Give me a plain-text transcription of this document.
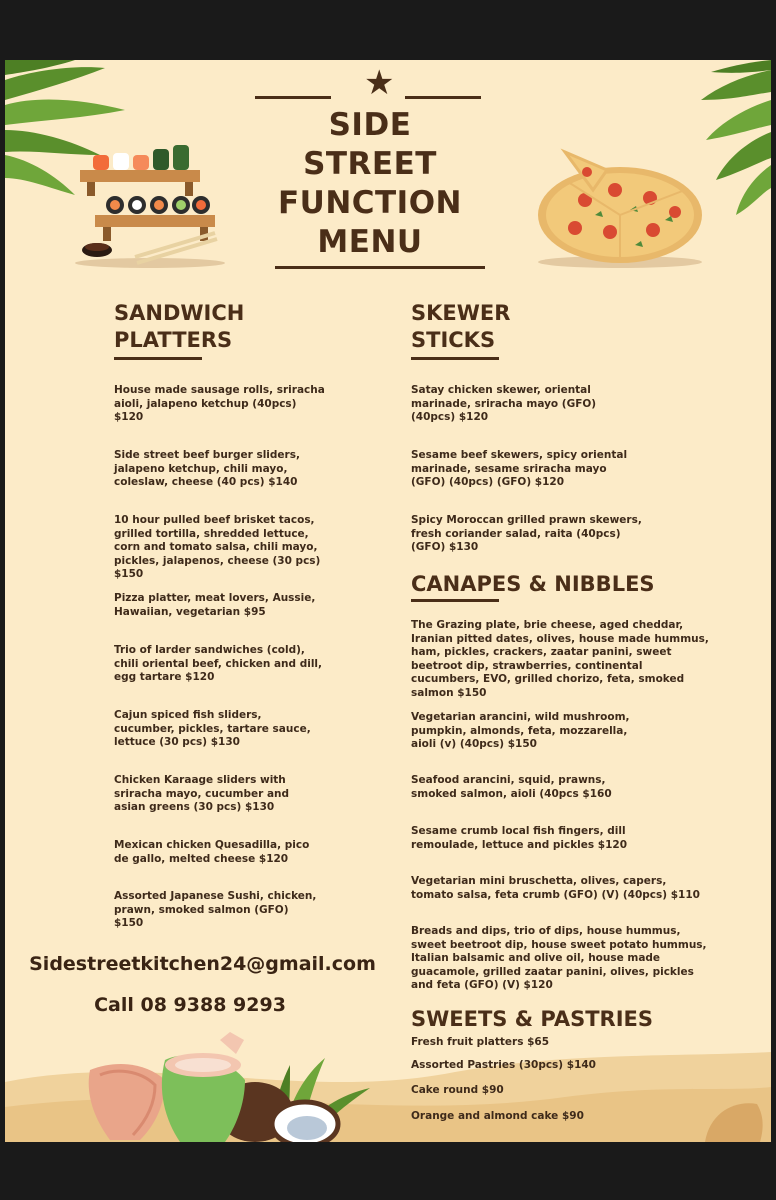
★
SIDE
STREET
FUNCTION
MENU
SANDWICH
PLATTERS
House made sausage rolls, sriracha aioli, jalapeno ketchup (40pcs) $120
Side street beef burger sliders, jalapeno ketchup, chili mayo, coleslaw, cheese (40 pcs) $140
10 hour pulled beef brisket tacos, grilled tortilla, shredded lettuce, corn and tomato salsa, chili mayo, pickles, jalapenos, cheese (30 pcs) $150
Pizza platter, meat lovers, Aussie, Hawaiian, vegetarian $95
Trio of larder sandwiches (cold), chili oriental beef, chicken and dill, egg tartare $120
Cajun spiced fish sliders, cucumber, pickles, tartare sauce, lettuce (30 pcs) $130
Chicken Karaage sliders with sriracha mayo, cucumber and asian greens (30 pcs) $130
Mexican chicken Quesadilla, pico de gallo, melted cheese $120
Assorted Japanese Sushi, chicken, prawn, smoked salmon (GFO) $150
Sidestreetkitchen24@gmail.com
Call 08 9388 9293
SKEWER
STICKS
Satay chicken skewer, oriental marinade, sriracha mayo (GFO) (40pcs) $120
Sesame beef skewers, spicy oriental marinade, sesame sriracha mayo (GFO) (40pcs) (GFO) $120
Spicy Moroccan grilled prawn skewers, fresh coriander salad, raita (40pcs) (GFO) $130
CANAPES & NIBBLES
The Grazing plate, brie cheese, aged cheddar, Iranian pitted dates, olives, house made hummus, ham, pickles, crackers, zaatar panini, sweet beetroot dip, strawberries, continental cucumbers, EVO, grilled chorizo, feta, smoked salmon $150
Vegetarian arancini, wild mushroom, pumpkin, almonds, feta, mozzarella, aioli (v) (40pcs) $150
Seafood arancini, squid, prawns, smoked salmon, aioli (40pcs $160
Sesame crumb local fish fingers, dill remoulade, lettuce and pickles $120
Vegetarian mini bruschetta, olives, capers, tomato salsa, feta crumb (GFO) (V) (40pcs) $110
Breads and dips, trio of dips, house hummus, sweet beetroot dip, house sweet potato hummus, Italian balsamic and olive oil, house made guacamole, grilled zaatar panini, olives, pickles and feta (GFO) (V) $120
SWEETS & PASTRIES
Fresh fruit platters $65
Assorted Pastries (30pcs) $140
Cake round $90
Orange and almond cake $90
